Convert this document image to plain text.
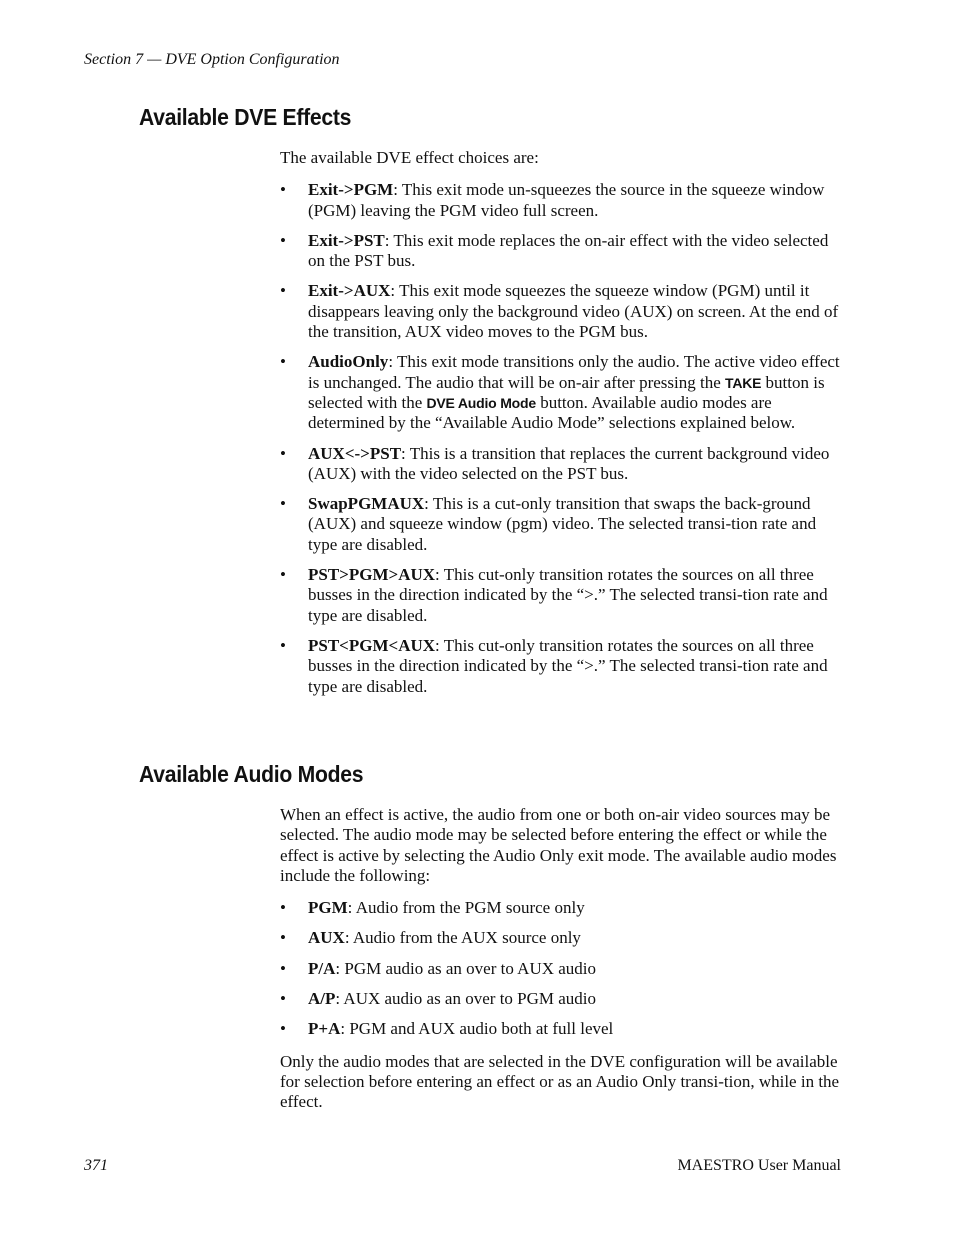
Section 7 — DVE Option Configuration
Available DVE Effects

The available DVE effect choices are:

• Exit->PGM: This exit mode un-squeezes the source in the squeeze window (PGM) leaving the PGM video full screen.
• Exit->PST: This exit mode replaces the on-air effect with the video selected on the PST bus.
• Exit->AUX: This exit mode squeezes the squeeze window (PGM) until it disappears leaving only the background video (AUX) on screen. At the end of the transition, AUX video moves to the PGM bus.
• AudioOnly: This exit mode transitions only the audio. The active video effect is unchanged. The audio that will be on-air after pressing the TAKE button is selected with the DVE Audio Mode button. Available audio modes are determined by the “Available Audio Mode” selections explained below.
• AUX<->PST: This is a transition that replaces the current background video (AUX) with the video selected on the PST bus.
• SwapPGMAUX: This is a cut-only transition that swaps the back-ground (AUX) and squeeze window (pgm) video. The selected transi-tion rate and type are disabled.
• PST>PGM>AUX: This cut-only transition rotates the sources on all three busses in the direction indicated by the “>.” The selected transi-tion rate and type are disabled.
• PST<PGM<AUX: This cut-only transition rotates the sources on all three busses in the direction indicated by the “>.” The selected transi-tion rate and type are disabled.
Available Audio Modes

When an effect is active, the audio from one or both on-air video sources may be selected. The audio mode may be selected before entering the effect or while the effect is active by selecting the Audio Only exit mode. The available audio modes include the following:

• PGM: Audio from the PGM source only
• AUX: Audio from the AUX source only
• P/A: PGM audio as an over to AUX audio
• A/P: AUX audio as an over to PGM audio
• P+A: PGM and AUX audio both at full level

Only the audio modes that are selected in the DVE configuration will be available for selection before entering an effect or as an Audio Only transi-tion, while in the effect.

371	MAESTRO User Manual
